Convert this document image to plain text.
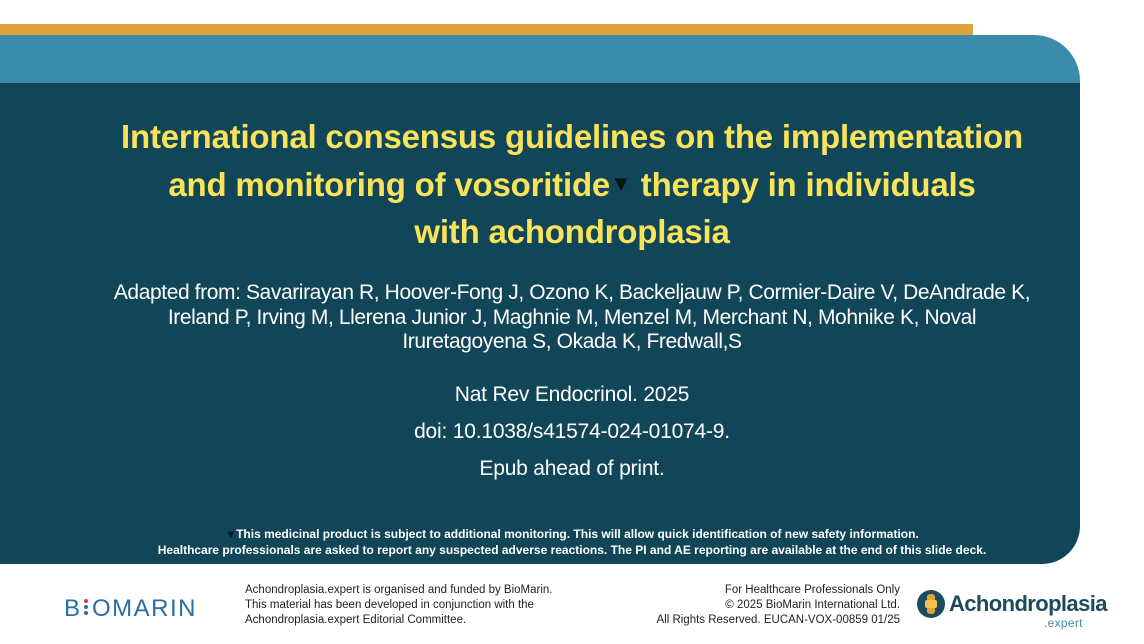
International consensus guidelines on the implementation
and monitoring of vosoritide▼ therapy in individuals
with achondroplasia
Adapted from: Savarirayan R, Hoover-Fong J, Ozono K, Backeljauw P, Cormier-Daire V, DeAndrade K,
Ireland P, Irving M, Llerena Junior J, Maghnie M, Menzel M, Merchant N, Mohnike K, Noval
Iruretagoyena S, Okada K, Fredwall,S
Nat Rev Endocrinol. 2025
doi: 10.1038/s41574-024-01074-9.
Epub ahead of print.
▼This medicinal product is subject to additional monitoring. This will allow quick identification of new safety information.
Healthcare professionals are asked to report any suspected adverse reactions. The PI and AE reporting are available at the end of this slide deck.
B OMARIN
Achondroplasia.expert is organised and funded by BioMarin.
This material has been developed in conjunction with the
Achondroplasia.expert Editorial Committee.
For Healthcare Professionals Only
© 2025 BioMarin International Ltd.
All Rights Reserved. EUCAN-VOX-00859 01/25
Achondroplasia
.expert
